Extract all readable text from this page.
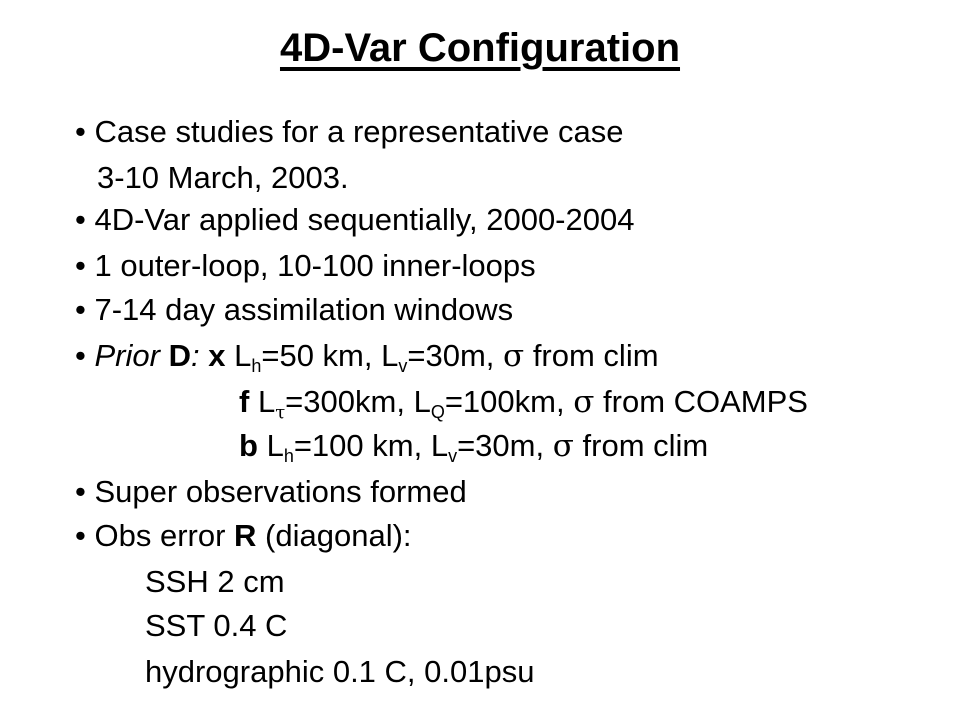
4D-Var Configuration
• Case studies for a representative case
3-10 March, 2003.
• 4D-Var applied sequentially, 2000-2004
• 1 outer-loop, 10-100 inner-loops
• 7-14 day assimilation windows
• Prior D: x $L_h=50$ km, $L_v=30m$, σ from clim
f $L_\tau=300km$, $L_Q=100km$, σ from COAMPS
b $L_h=100$ km, $L_v=30m$, σ from clim
• Super observations formed
• Obs error R (diagonal):
SSH 2 cm
SST 0.4 C
hydrographic 0.1 C, 0.01psu
